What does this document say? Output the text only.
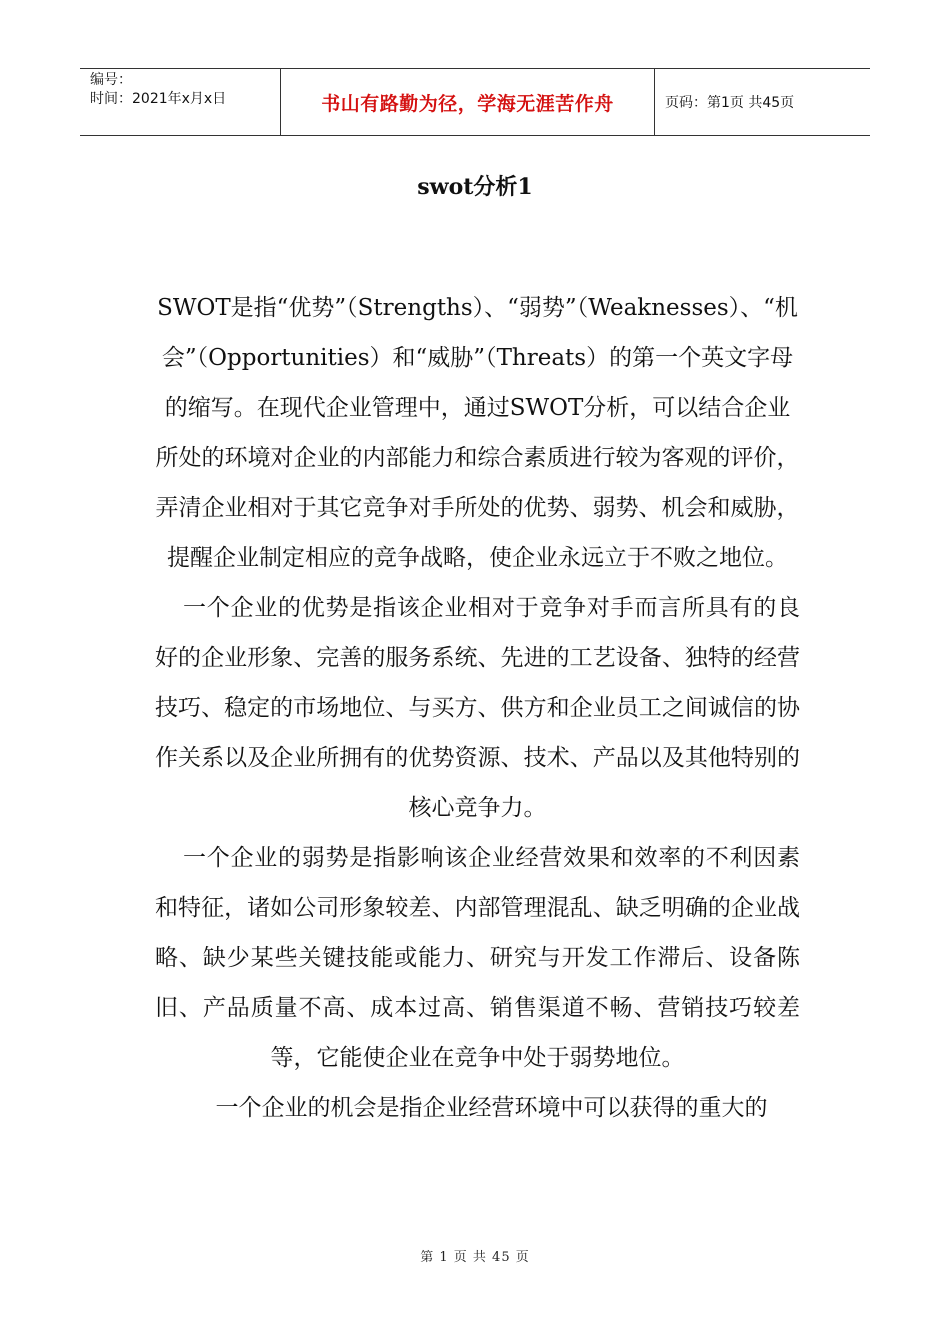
编号：
时间：2021年x月x日	书山有路勤为径，学海无涯苦作舟	页码：第1页 共45页
swot分析1

SWOT是指“优势”（Strengths）、“弱势”（Weaknesses）、“机会”（Opportunities）和“威胁”（Threats）的第一个英文字母的缩写。在现代企业管理中，通过SWOT分析，可以结合企业所处的环境对企业的内部能力和综合素质进行较为客观的评价，弄清企业相对于其它竞争对手所处的优势、弱势、机会和威胁，提醒企业制定相应的竞争战略，使企业永远立于不败之地位。

一个企业的优势是指该企业相对于竞争对手而言所具有的良好的企业形象、完善的服务系统、先进的工艺设备、独特的经营技巧、稳定的市场地位、与买方、供方和企业员工之间诚信的协作关系以及企业所拥有的优势资源、技术、产品以及其他特别的核心竞争力。

一个企业的弱势是指影响该企业经营效果和效率的不利因素和特征，诸如公司形象较差、内部管理混乱、缺乏明确的企业战略、缺少某些关键技能或能力、研究与开发工作滞后、设备陈旧、产品质量不高、成本过高、销售渠道不畅、营销技巧较差等，它能使企业在竞争中处于弱势地位。

一个企业的机会是指企业经营环境中可以获得的重大的

第 1 页 共 45 页
